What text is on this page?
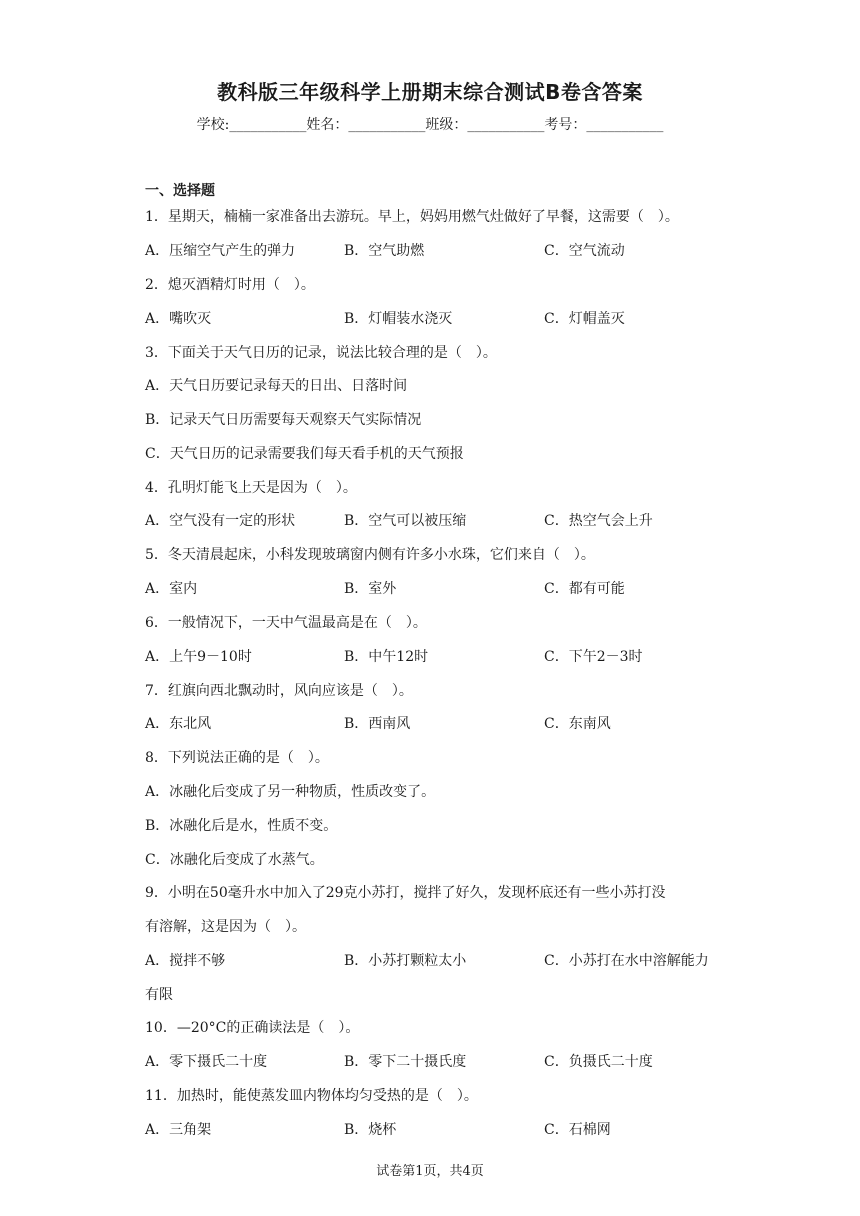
教科版三年级科学上册期末综合测试B卷含答案
学校:___________姓名：___________班级：___________考号：___________
一、选择题
1．星期天，楠楠一家准备出去游玩。早上，妈妈用燃气灶做好了早餐，这需要（　）。
A．压缩空气产生的弹力	B．空气助燃	C．空气流动
2．熄灭酒精灯时用（　）。
A．嘴吹灭	B．灯帽装水浇灭	C．灯帽盖灭
3．下面关于天气日历的记录，说法比较合理的是（　）。
A．天气日历要记录每天的日出、日落时间
B．记录天气日历需要每天观察天气实际情况
C．天气日历的记录需要我们每天看手机的天气预报
4．孔明灯能飞上天是因为（　）。
A．空气没有一定的形状	B．空气可以被压缩	C．热空气会上升
5．冬天清晨起床，小科发现玻璃窗内侧有许多小水珠，它们来自（　）。
A．室内	B．室外	C．都有可能
6．一般情况下，一天中气温最高是在（　）。
A．上午9－10时	B．中午12时	C．下午2－3时
7．红旗向西北飘动时，风向应该是（　）。
A．东北风	B．西南风	C．东南风
8．下列说法正确的是（　）。
A．冰融化后变成了另一种物质，性质改变了。
B．冰融化后是水，性质不变。
C．冰融化后变成了水蒸气。
9．小明在50毫升水中加入了29克小苏打，搅拌了好久，发现杯底还有一些小苏打没
有溶解，这是因为（　）。
A．搅拌不够	B．小苏打颗粒太小	C．小苏打在水中溶解能力
有限
10．—20°C的正确读法是（　）。
A．零下摄氏二十度	B．零下二十摄氏度	C．负摄氏二十度
11．加热时，能使蒸发皿内物体均匀受热的是（　）。
A．三角架	B．烧杯	C．石棉网
试卷第1页，共4页
